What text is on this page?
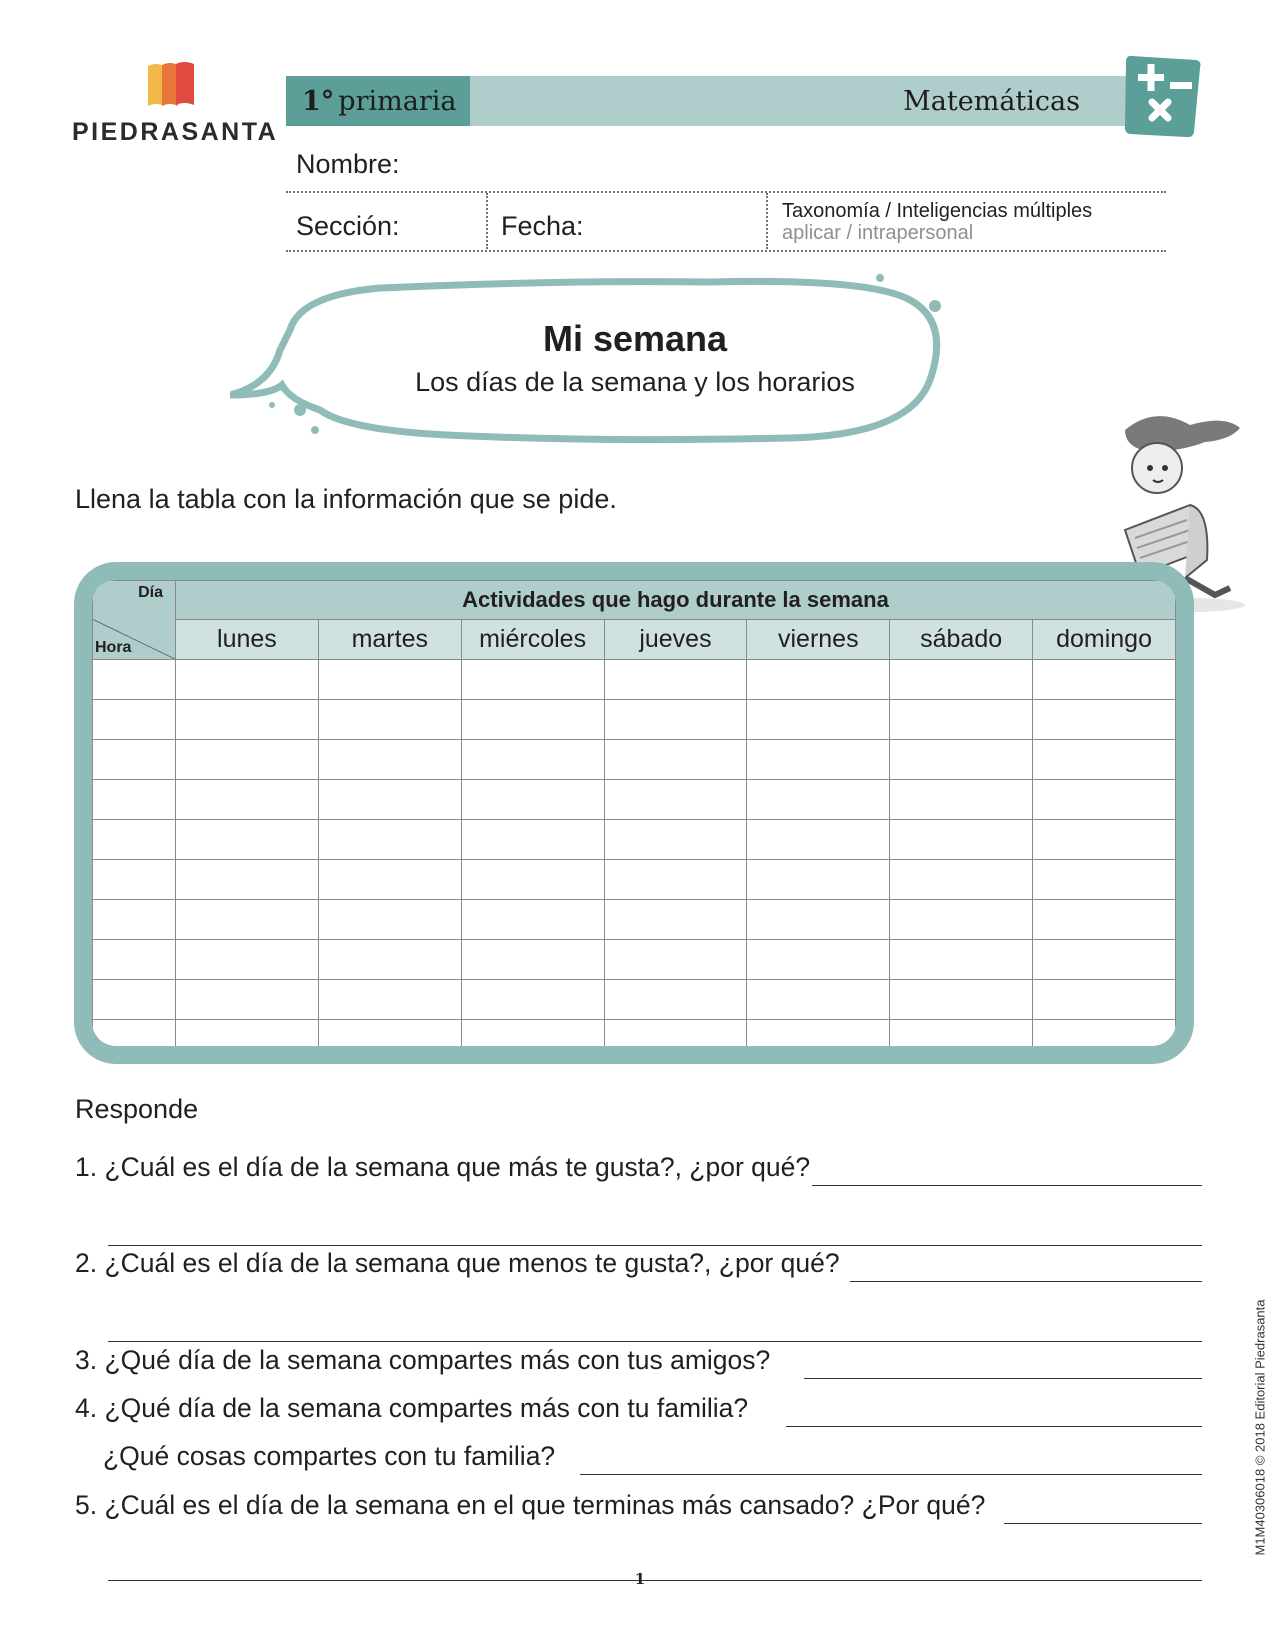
PIEDRASANTA
1° primaria	Matemáticas
Nombre:
Sección:	Fecha:	Taxonomía / Inteligencias múltiples
aplicar / intrapersonal
Mi semana
Los días de la semana y los horarios
Llena la tabla con la información que se pide.
Día
Hora	Actividades que hago durante la semana						
	lunes	martes	miércoles	jueves	viernes	sábado	domingo

Responde
1. ¿Cuál es el día de la semana que más te gusta?, ¿por qué?
2. ¿Cuál es el día de la semana que menos te gusta?, ¿por qué?
3. ¿Qué día de la semana compartes más con tus amigos?
4. ¿Qué día de la semana compartes más con tu familia?
¿Qué cosas compartes con tu familia?
5. ¿Cuál es el día de la semana en el que terminas más cansado? ¿Por qué?
1
M1M40306018 © 2018 Editorial Piedrasanta
